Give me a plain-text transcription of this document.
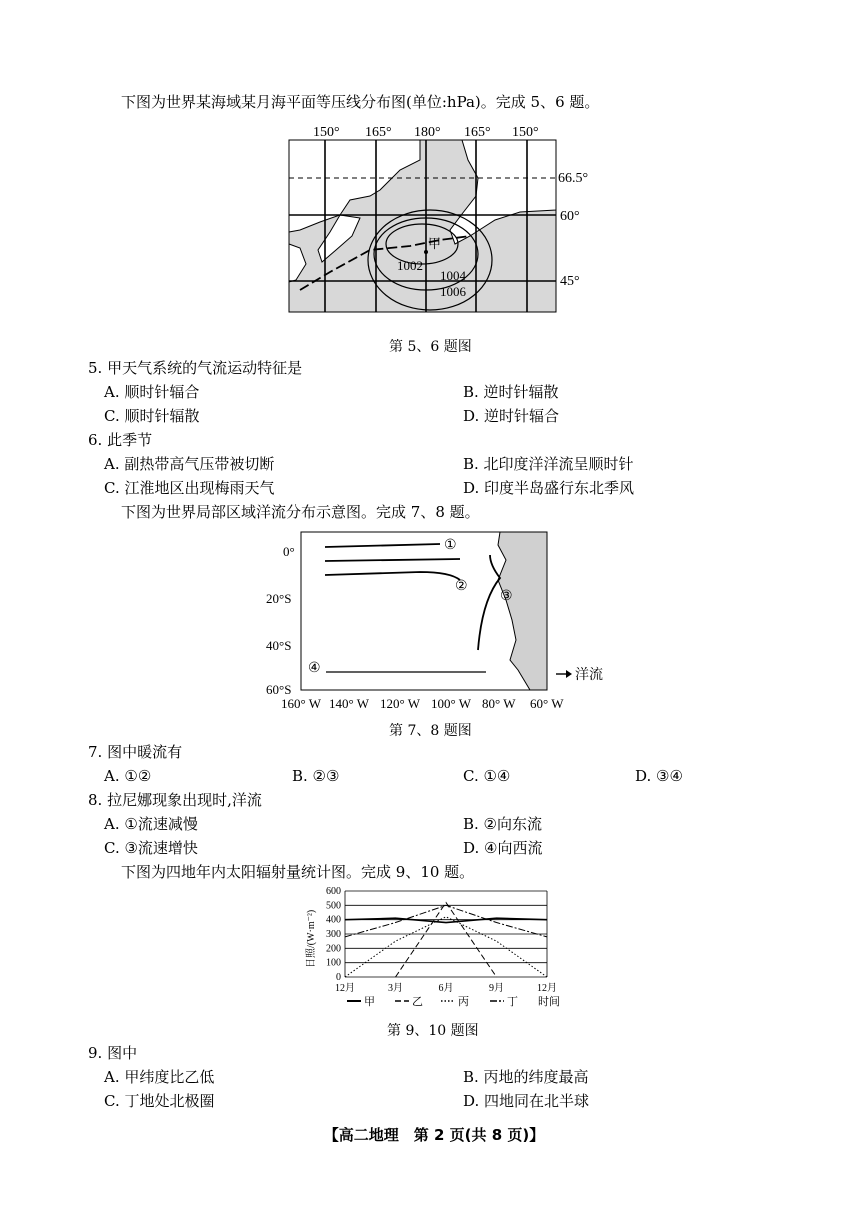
下图为世界某海域某月海平面等压线分布图(单位:hPa)。完成 5、6 题。
150° 165° 180° 165° 150°
甲
1002
1004
1006
66.5°
60°
45°
第 5、6 题图
5. 甲天气系统的气流运动特征是
A. 顺时针辐合	B. 逆时针辐散
C. 顺时针辐散	D. 逆时针辐合
6. 此季节
A. 副热带高气压带被切断	B. 北印度洋洋流呈顺时针
C. 江淮地区出现梅雨天气	D. 印度半岛盛行东北季风
下图为世界局部区域洋流分布示意图。完成 7、8 题。
①
②
③
④
0°
20°S
40°S
60°S
160° W 140° W 120° W 100° W 80° W 60° W
洋流
第 7、8 题图
7. 图中暖流有
A. ①②	B. ②③	C. ①④	D. ③④
8. 拉尼娜现象出现时,洋流
A. ①流速减慢	B. ②向东流
C. ③流速增快	D. ④向西流
下图为四地年内太阳辐射量统计图。完成 9、10 题。
0
100
200
300
400
500
600
12月	3月	6月	9月	12月
日照/(W·m⁻²)
时间
甲	乙	丙	丁
第 9、10 题图
9. 图中
A. 甲纬度比乙低	B. 丙地的纬度最高
C. 丁地处北极圈	D. 四地同在北半球
【高二地理　第 2 页(共 8 页)】
